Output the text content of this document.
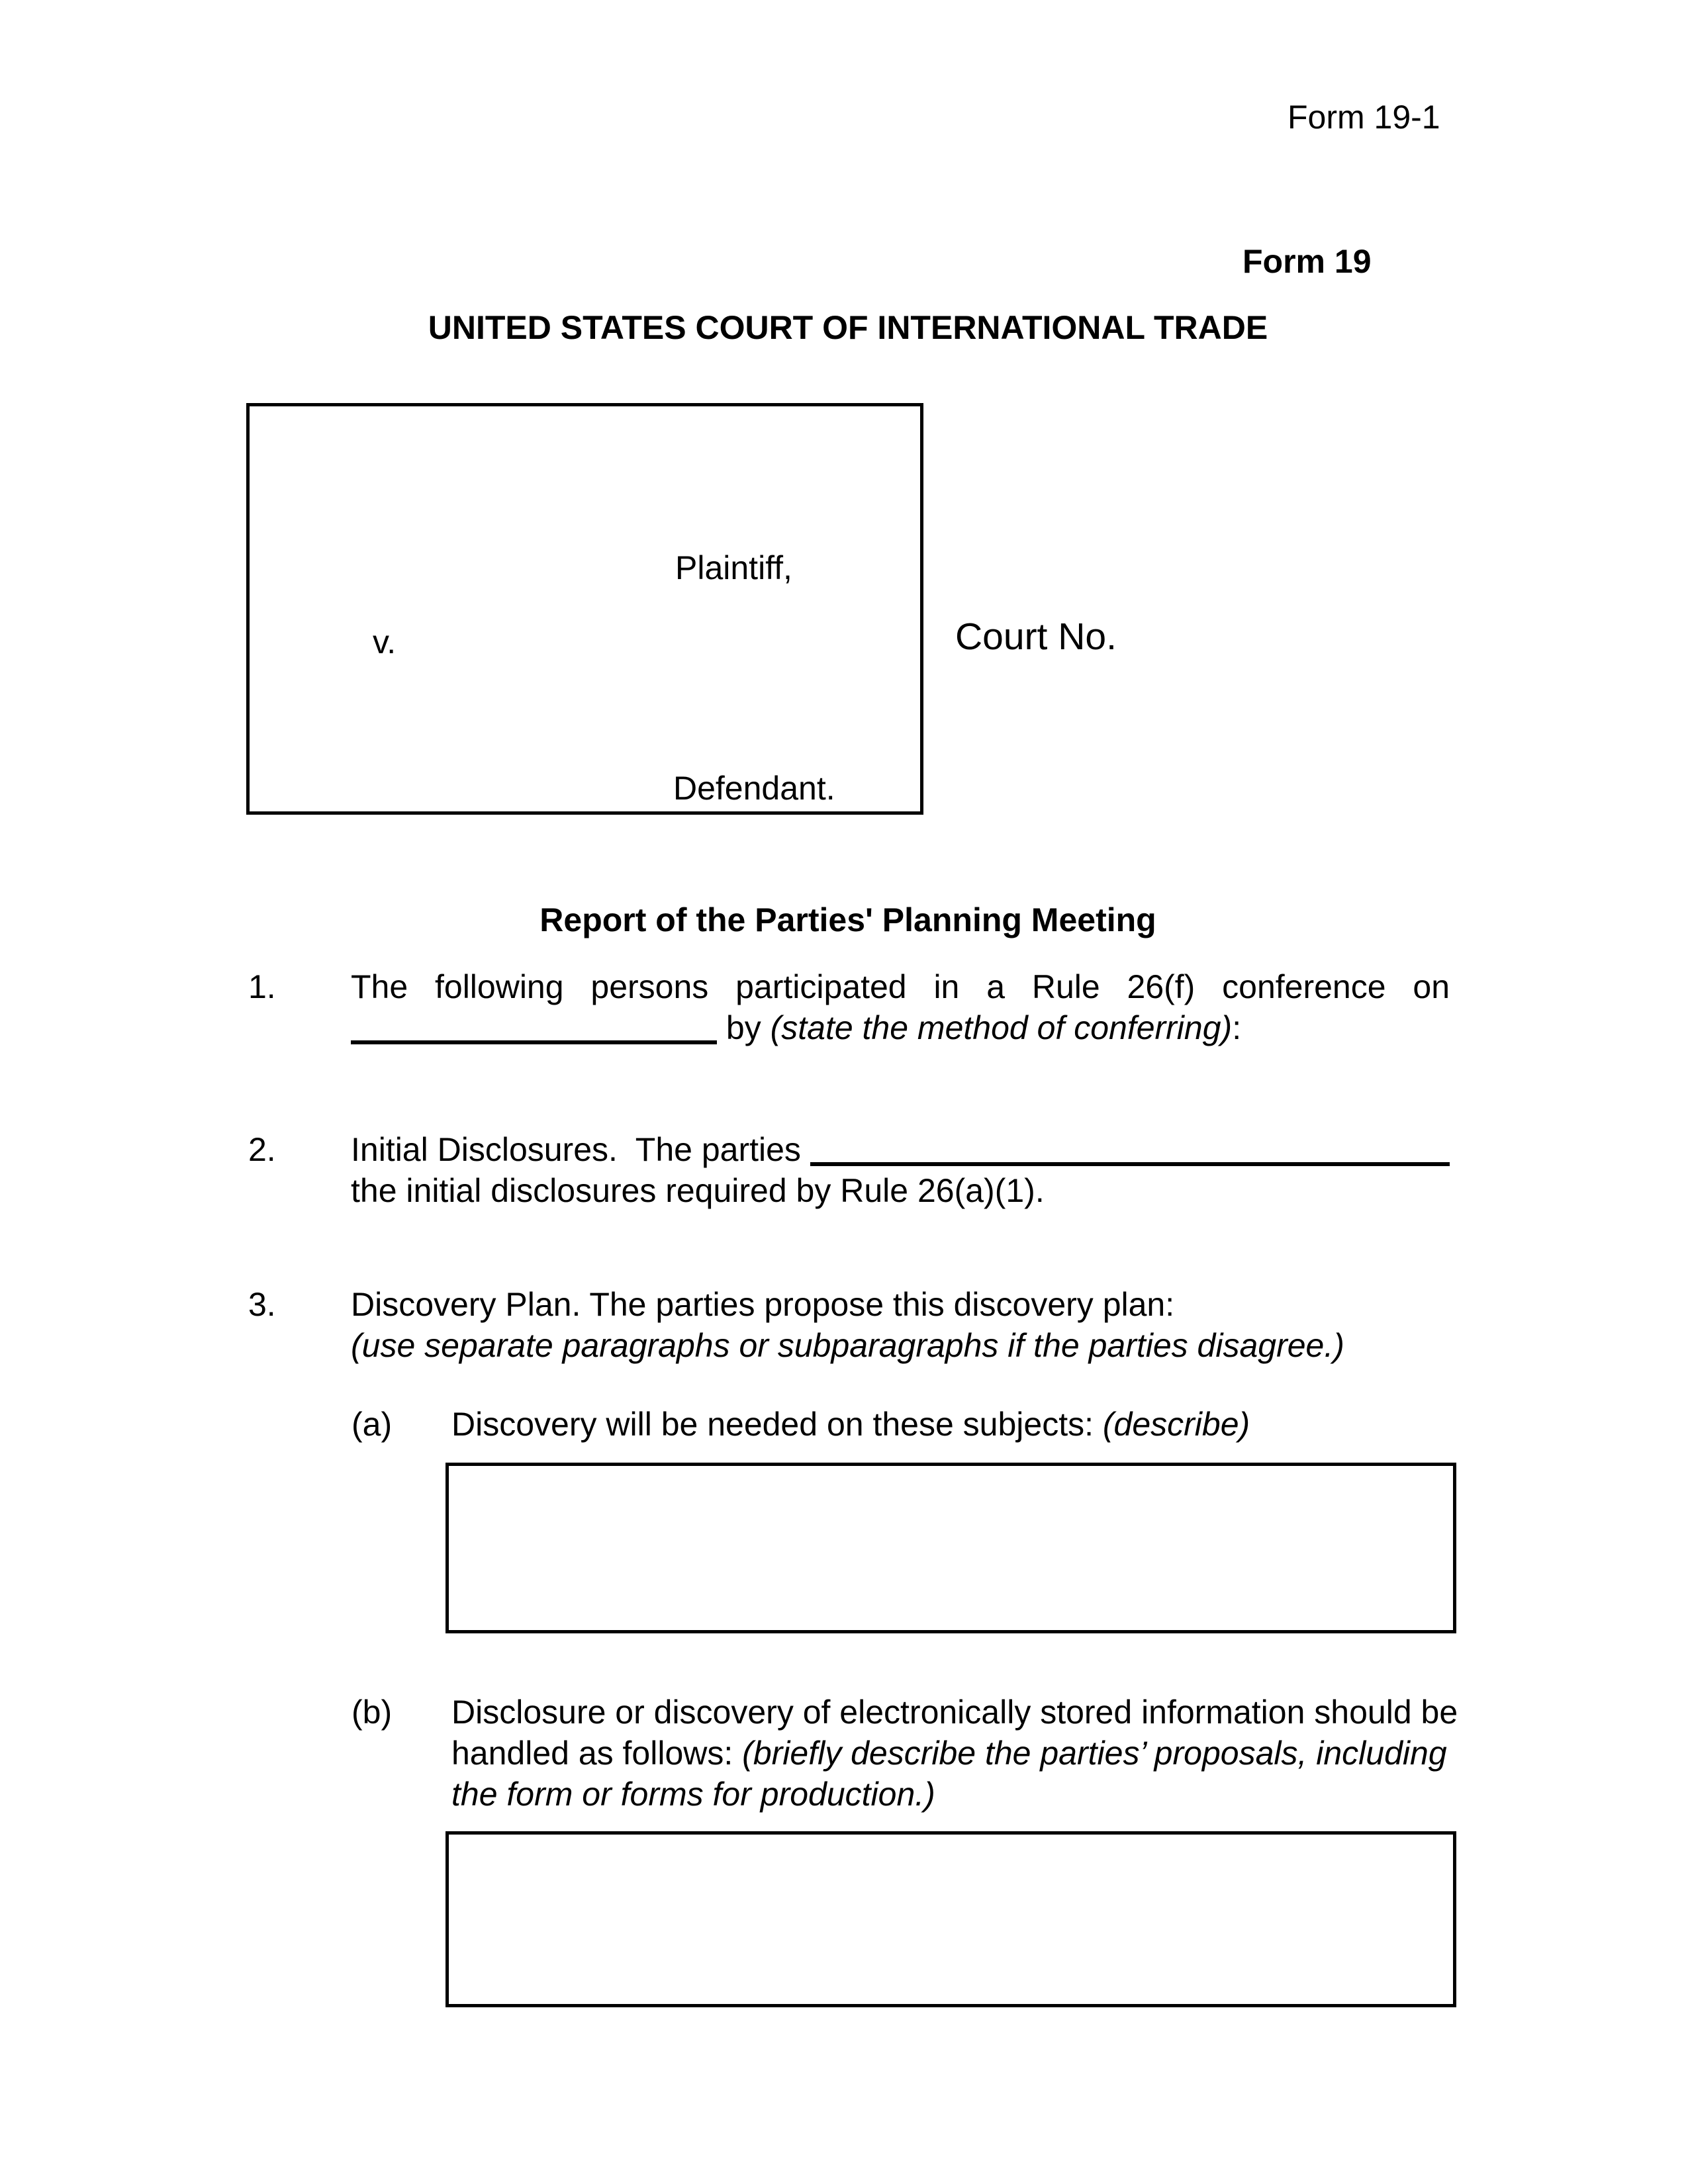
Form 19-1
Form 19
UNITED STATES COURT OF INTERNATIONAL TRADE
Plaintiff,
v.
Defendant.
Court No.
Report of the Parties' Planning Meeting
1. The following persons participated in a Rule 26(f) conference on
by (state the method of conferring):
2. Initial Disclosures.  The parties
the initial disclosures required by Rule 26(a)(1).
3. Discovery Plan. The parties propose this discovery plan:
(use separate paragraphs or subparagraphs if the parties disagree.)
(a) Discovery will be needed on these subjects: (describe)
(b) Disclosure or discovery of electronically stored information should be handled as follows: (briefly describe the parties’ proposals, including the form or forms for production.)
